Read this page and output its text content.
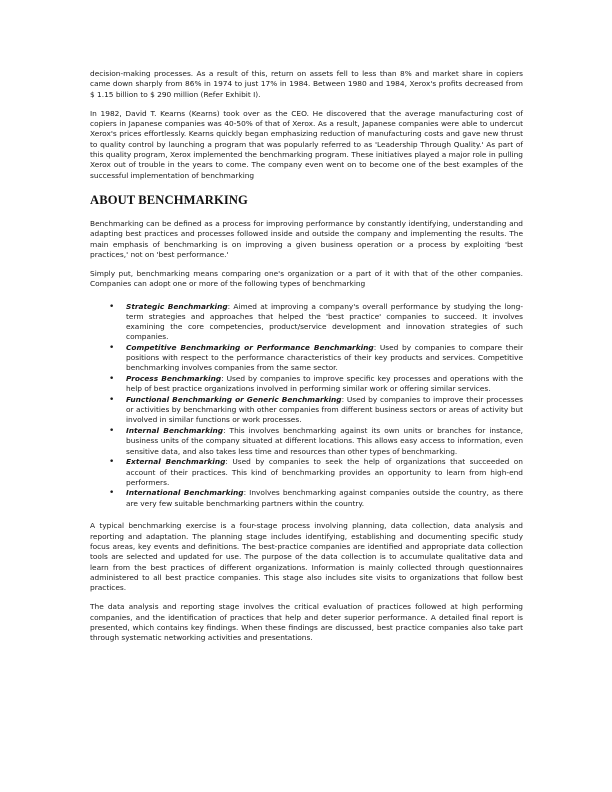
decision-making processes. As a result of this, return on assets fell to less than 8% and market share in copiers came down sharply from 86% in 1974 to just 17% in 1984. Between 1980 and 1984, Xerox's profits decreased from $ 1.15 billion to $ 290 million (Refer Exhibit I).

In 1982, David T. Kearns (Kearns) took over as the CEO. He discovered that the average manufacturing cost of copiers in Japanese companies was 40-50% of that of Xerox. As a result, Japanese companies were able to undercut Xerox's prices effortlessly. Kearns quickly began emphasizing reduction of manufacturing costs and gave new thrust to quality control by launching a program that was popularly referred to as 'Leadership Through Quality.' As part of this quality program, Xerox implemented the benchmarking program. These initiatives played a major role in pulling Xerox out of trouble in the years to come. The company even went on to become one of the best examples of the successful implementation of benchmarking

ABOUT BENCHMARKING

Benchmarking can be defined as a process for improving performance by constantly identifying, understanding and adapting best practices and processes followed inside and outside the company and implementing the results. The main emphasis of benchmarking is on improving a given business operation or a process by exploiting 'best practices,' not on 'best performance.'

Simply put, benchmarking means comparing one's organization or a part of it with that of the other companies. Companies can adopt one or more of the following types of benchmarking

• Strategic Benchmarking: Aimed at improving a company's overall performance by studying the long-term strategies and approaches that helped the 'best practice' companies to succeed. It involves examining the core competencies, product/service development and innovation strategies of such companies.
• Competitive Benchmarking or Performance Benchmarking: Used by companies to compare their positions with respect to the performance characteristics of their key products and services. Competitive benchmarking involves companies from the same sector.
• Process Benchmarking: Used by companies to improve specific key processes and operations with the help of best practice organizations involved in performing similar work or offering similar services.
• Functional Benchmarking or Generic Benchmarking: Used by companies to improve their processes or activities by benchmarking with other companies from different business sectors or areas of activity but involved in similar functions or work processes.
• Internal Benchmarking: This involves benchmarking against its own units or branches for instance, business units of the company situated at different locations. This allows easy access to information, even sensitive data, and also takes less time and resources than other types of benchmarking.
• External Benchmarking: Used by companies to seek the help of organizations that succeeded on account of their practices. This kind of benchmarking provides an opportunity to learn from high-end performers.
• International Benchmarking: Involves benchmarking against companies outside the country, as there are very few suitable benchmarking partners within the country.

A typical benchmarking exercise is a four-stage process involving planning, data collection, data analysis and reporting and adaptation. The planning stage includes identifying, establishing and documenting specific study focus areas, key events and definitions. The best-practice companies are identified and appropriate data collection tools are selected and updated for use. The purpose of the data collection is to accumulate qualitative data and learn from the best practices of different organizations. Information is mainly collected through questionnaires administered to all best practice companies. This stage also includes site visits to organizations that follow best practices.

The data analysis and reporting stage involves the critical evaluation of practices followed at high performing companies, and the identification of practices that help and deter superior performance. A detailed final report is presented, which contains key findings. When these findings are discussed, best practice companies also take part through systematic networking activities and presentations.
